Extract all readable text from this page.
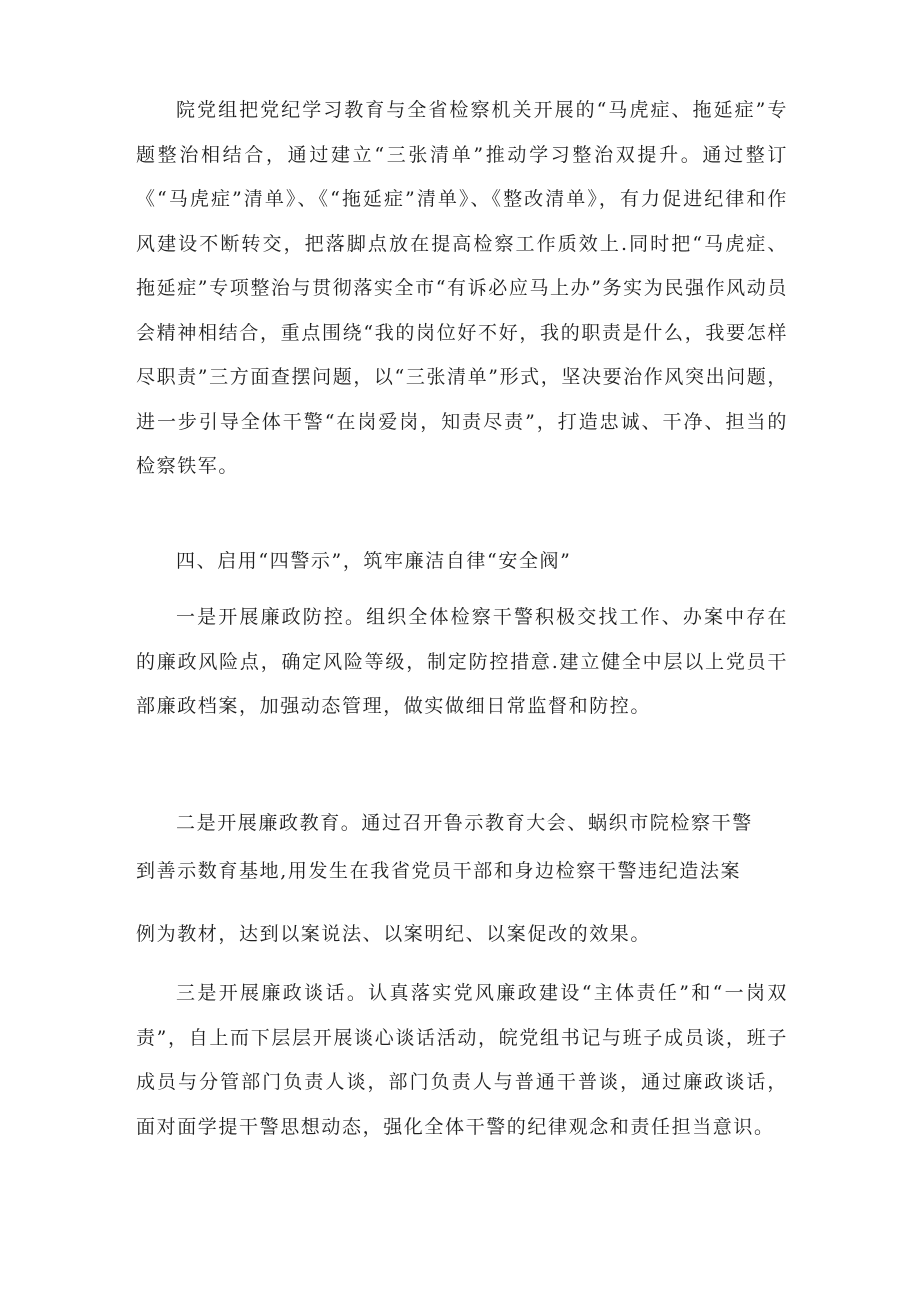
院党组把党纪学习教育与全省检察机关开展的“马虎症、拖延症”专题整治相结合，通过建立“三张清单”推动学习整治双提升。通过整订《“马虎症”清单》、《“拖延症”清单》、《整改清单》，有力促进纪律和作风建设不断转交，把落脚点放在提高检察工作质效上.同时把“马虎症、拖延症”专项整治与贯彻落实全市“有诉必应马上办”务实为民强作风动员会精神相结合，重点围绕“我的岗位好不好，我的职责是什么，我要怎样尽职责”三方面查摆问题，以“三张清单”形式，坚决要治作风突出问题，进一步引导全体干警“在岗爱岗，知责尽责”，打造忠诚、干净、担当的检察铁军。

四、启用“四警示”，筑牢廉洁自律“安全阀”

一是开展廉政防控。组织全体检察干警积极交找工作、办案中存在的廉政风险点，确定风险等级，制定防控措意.建立健全中层以上党员干部廉政档案，加强动态管理，做实做细日常监督和防控。

二是开展廉政教育。通过召开鲁示教育大会、蜗织市院检察干警

到善示数育基地,用发生在我省党员干部和身边检察干警违纪造法案

例为教材，达到以案说法、以案明纪、以案促改的效果。

三是开展廉政谈话。认真落实党风廉政建设“主体责任”和“一岗双责”，自上而下层层开展谈心谈话活动，皖党组书记与班子成员谈，班子成员与分管部门负责人谈，部门负责人与普通干普谈，通过廉政谈话，面对面学提干警思想动态，强化全体干警的纪律观念和责任担当意识。
